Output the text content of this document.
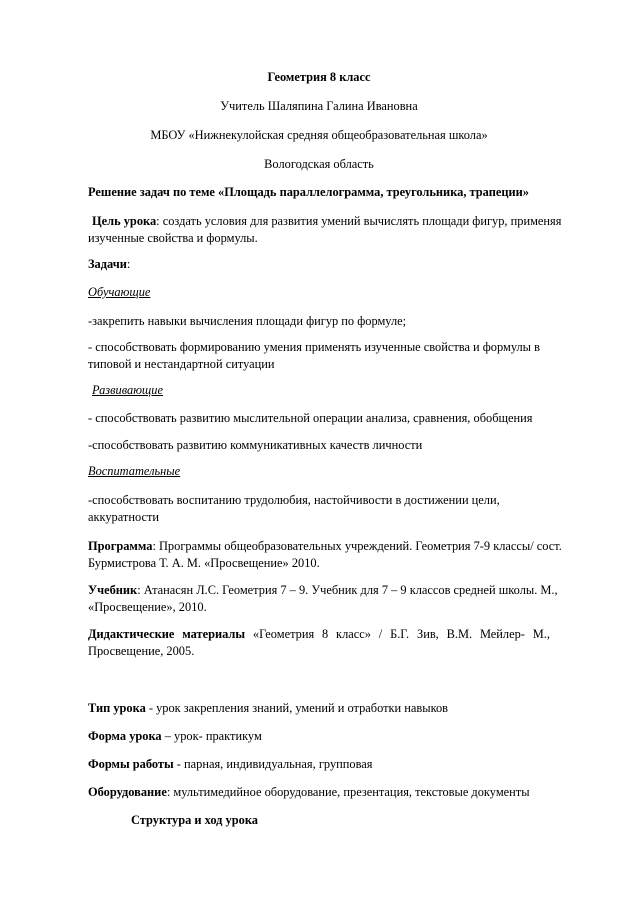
Геометрия 8 класс

Учитель Шаляпина Галина Ивановна

МБОУ «Нижнекулойская средняя общеобразовательная школа»

Вологодская область

Решение задач по теме «Площадь параллелограмма, треугольника, трапеции»

Цель урока: создать условия для развития умений вычислять площади фигур, применяя

изученные свойства и формулы.

Задачи:

Обучающие

-закрепить навыки вычисления площади фигур по формуле;

- способствовать формированию умения применять изученные свойства и формулы в

типовой и нестандартной ситуации

Развивающие

- способствовать развитию мыслительной операции анализа, сравнения, обобщения

-способствовать развитию коммуникативных качеств личности

Воспитательные

-способствовать воспитанию трудолюбия, настойчивости в достижении цели,

аккуратности

Программа: Программы общеобразовательных учреждений. Геометрия 7-9 классы/ сост.

Бурмистрова Т. А. М. «Просвещение» 2010.

Учебник: Атанасян Л.С. Геометрия 7 – 9. Учебник для 7 – 9 классов средней школы. М.,

«Просвещение», 2010.

Дидактические материалы «Геометрия 8 класс» / Б.Г. Зив, В.М. Мейлер- М.,

Просвещение, 2005.

Тип урока - урок закрепления знаний, умений и отработки навыков

Форма урока – урок- практикум

Формы работы - парная, индивидуальная, групповая

Оборудование: мультимедийное оборудование, презентация, текстовые документы

Структура и ход урока
